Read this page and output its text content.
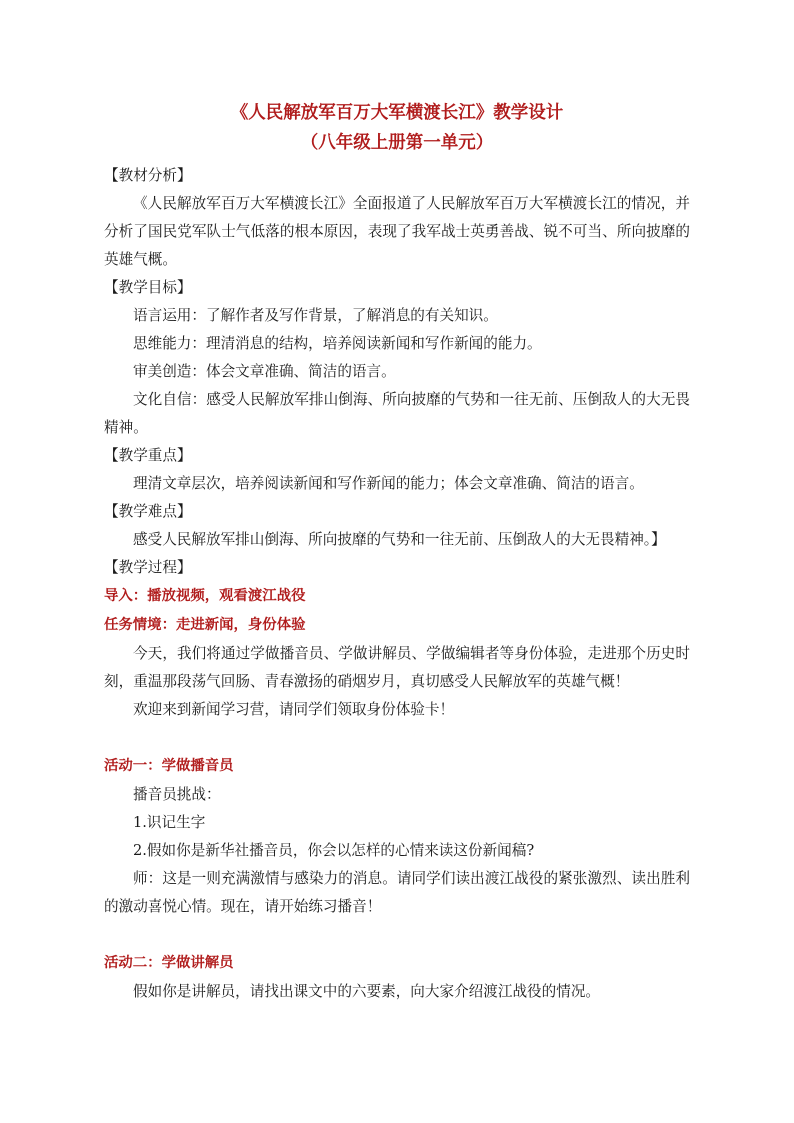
《人民解放军百万大军横渡长江》教学设计

（八年级上册第一单元）

【教材分析】

《人民解放军百万大军横渡长江》全面报道了人民解放军百万大军横渡长江的情况，并分析了国民党军队士气低落的根本原因，表现了我军战士英勇善战、锐不可当、所向披靡的英雄气概。

【教学目标】

语言运用：了解作者及写作背景，了解消息的有关知识。

思维能力：理清消息的结构，培养阅读新闻和写作新闻的能力。

审美创造：体会文章准确、简洁的语言。

文化自信：感受人民解放军排山倒海、所向披靡的气势和一往无前、压倒敌人的大无畏精神。

【教学重点】

理清文章层次，培养阅读新闻和写作新闻的能力；体会文章准确、简洁的语言。

【教学难点】

感受人民解放军排山倒海、所向披靡的气势和一往无前、压倒敌人的大无畏精神。】

【教学过程】

导入：播放视频，观看渡江战役

任务情境：走进新闻，身份体验

今天，我们将通过学做播音员、学做讲解员、学做编辑者等身份体验，走进那个历史时刻，重温那段荡气回肠、青春激扬的硝烟岁月，真切感受人民解放军的英雄气概！

欢迎来到新闻学习营，请同学们领取身份体验卡！

活动一：学做播音员

播音员挑战：

1.识记生字

2.假如你是新华社播音员，你会以怎样的心情来读这份新闻稿?

师：这是一则充满激情与感染力的消息。请同学们读出渡江战役的紧张激烈、读出胜利的激动喜悦心情。现在，请开始练习播音！

活动二：学做讲解员

假如你是讲解员，请找出课文中的六要素，向大家介绍渡江战役的情况。
